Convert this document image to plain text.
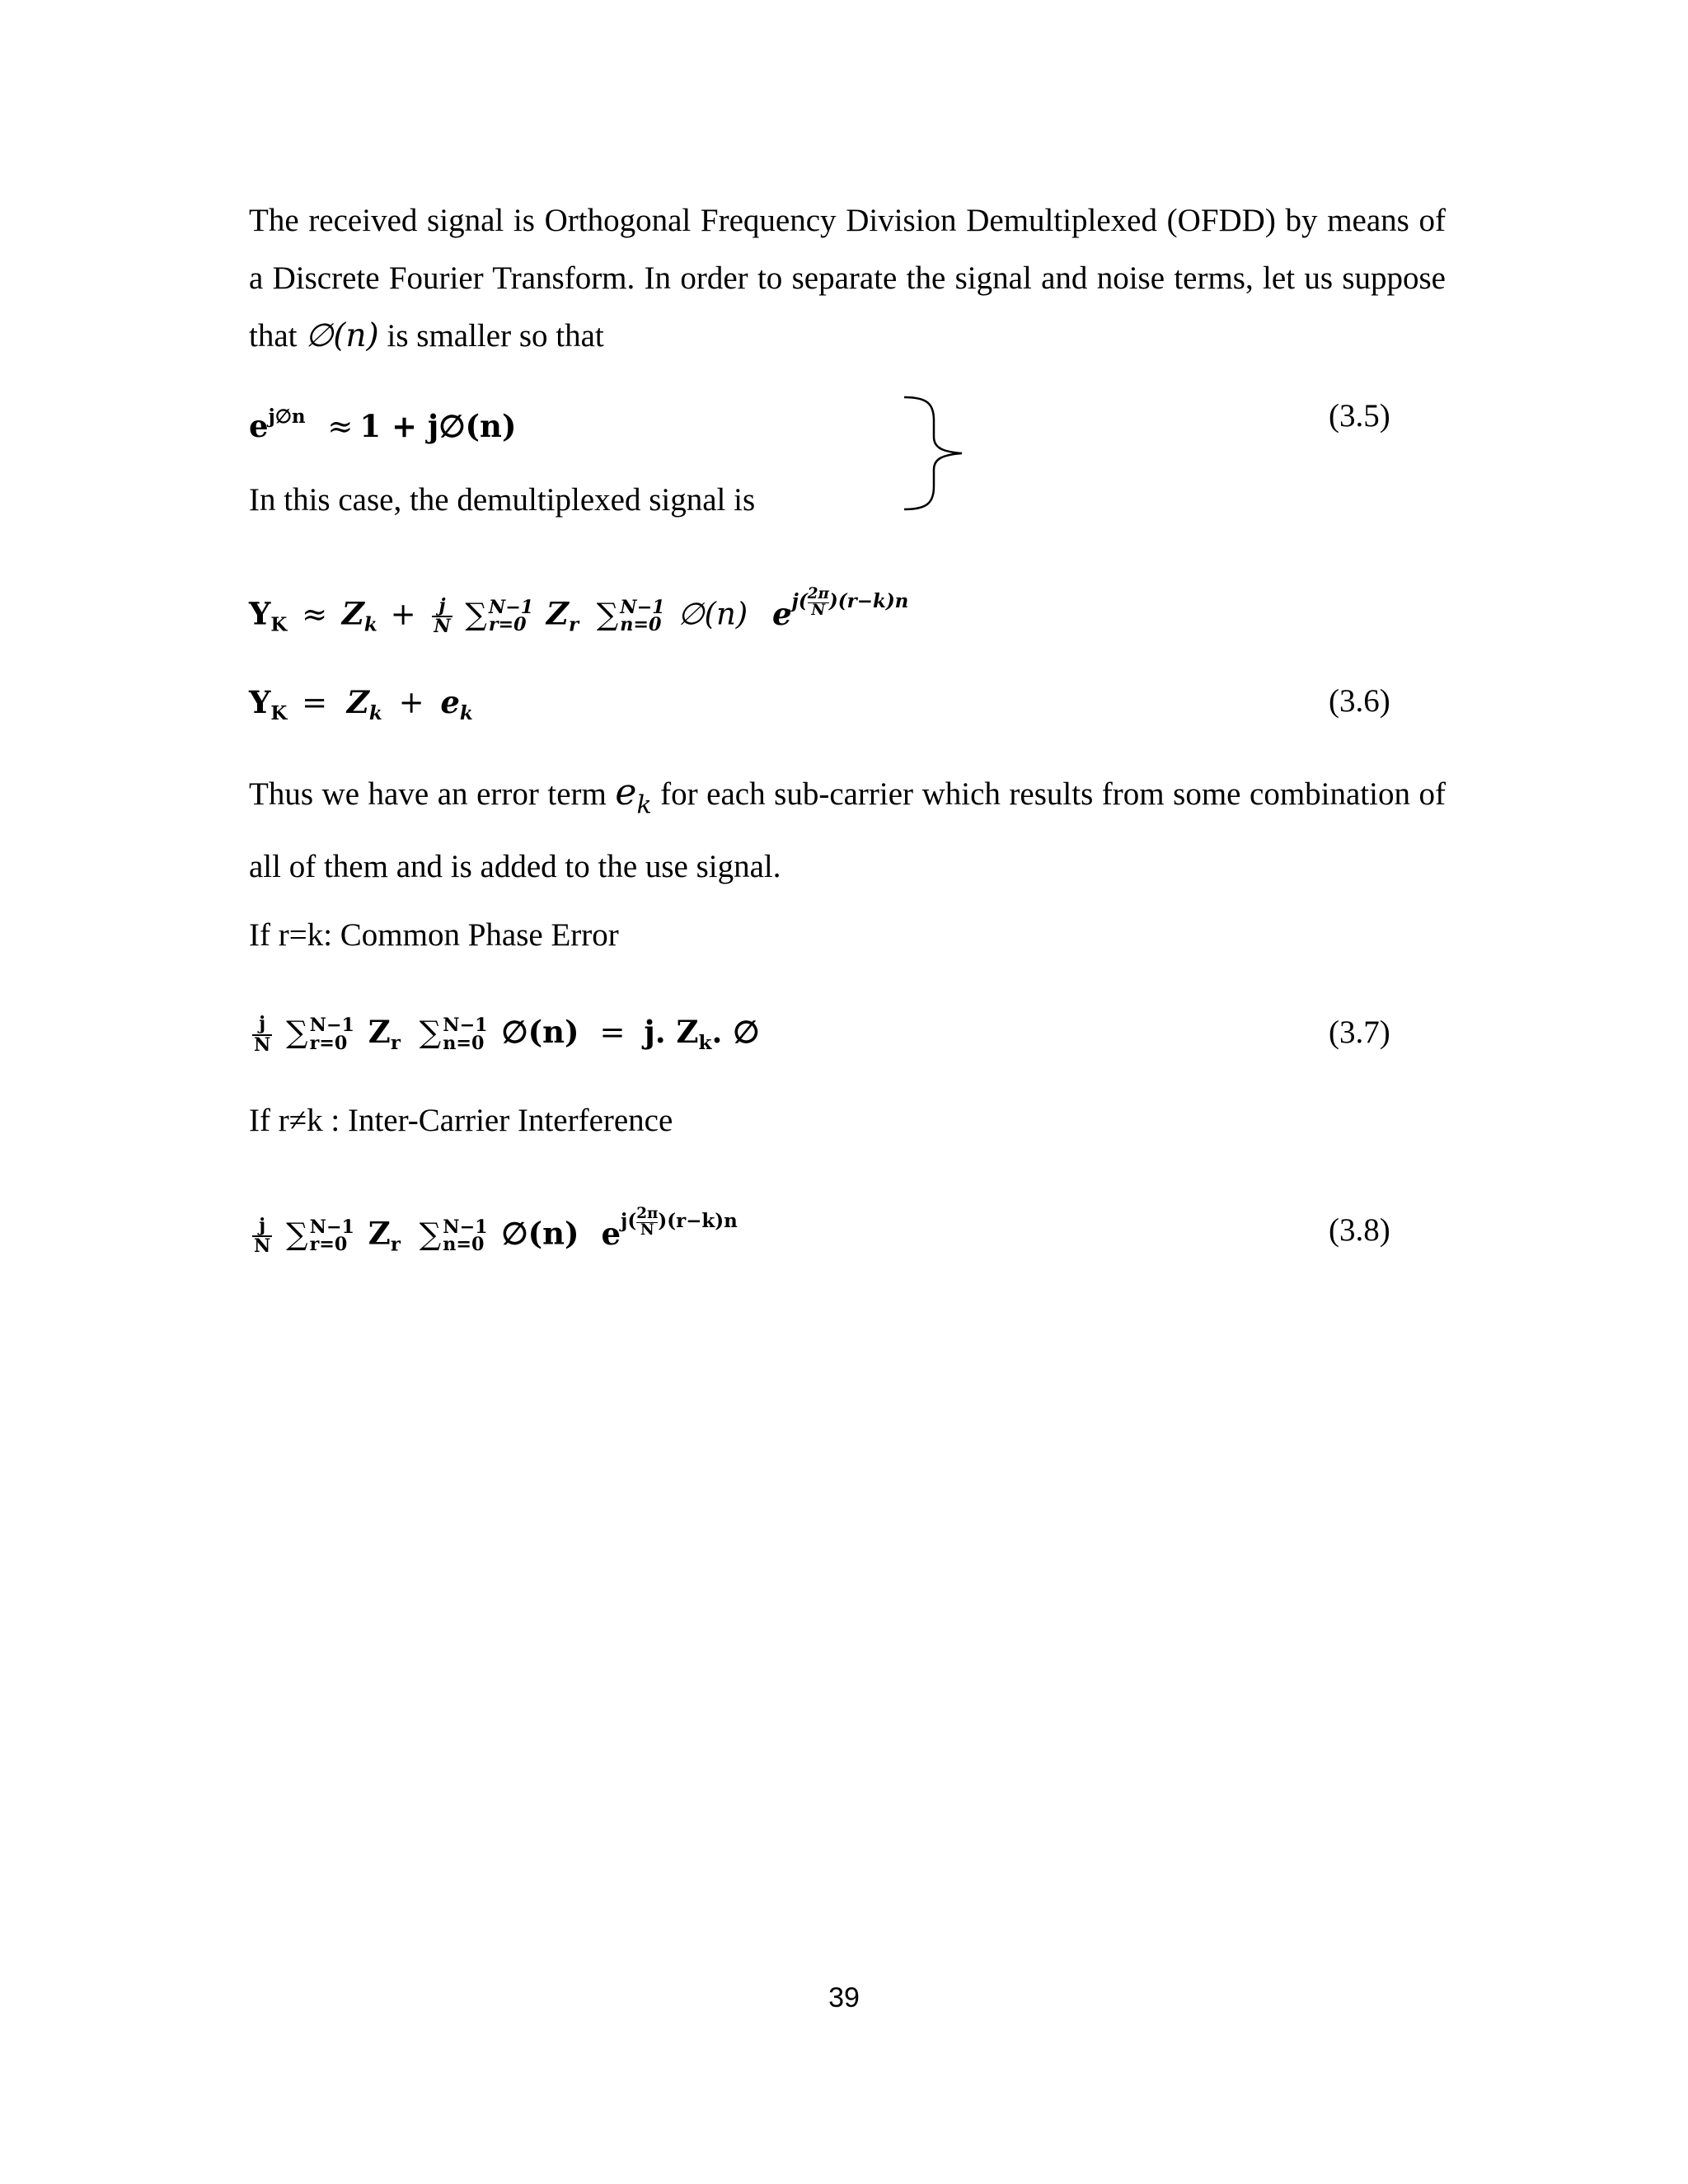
The received signal is Orthogonal Frequency Division Demultiplexed (OFDD) by means of a Discrete Fourier Transform. In order to separate the signal and noise terms, let us suppose that ∅(n) is smaller so that

$e^{j\emptyset n} \approx 1$ + j∅(n)	(3.5)
In this case, the demultiplexed signal is
$Y_K \approx Z_k + \frac{j}{N}$ ∑ N−1
r=0 $Z_r$ ∑ N−1
n=0 ∅(n) $ej( \frac{2\pi}{N})(r-k)n$
$Y_K = Z_k + e_k$	(3.6)

Thus we have an error term $e_k$ for each sub-carrier which results from some combination of all of them and is added to the use signal.

If r=k: Common Phase Error
$\frac{j}{N}$ ∑ N−1
r=0 $Z_r$ ∑ N−1
n=0 ∅(n) = j. $Z_k$. ∅	(3.7)
If r≠k : Inter-Carrier Interference
$\frac{j}{N}$ ∑ N−1
r=0 $Z_r$ ∑ N−1
n=0 ∅(n) $ej( \frac{2\pi}{N})(r-k)n$	(3.8)
39
